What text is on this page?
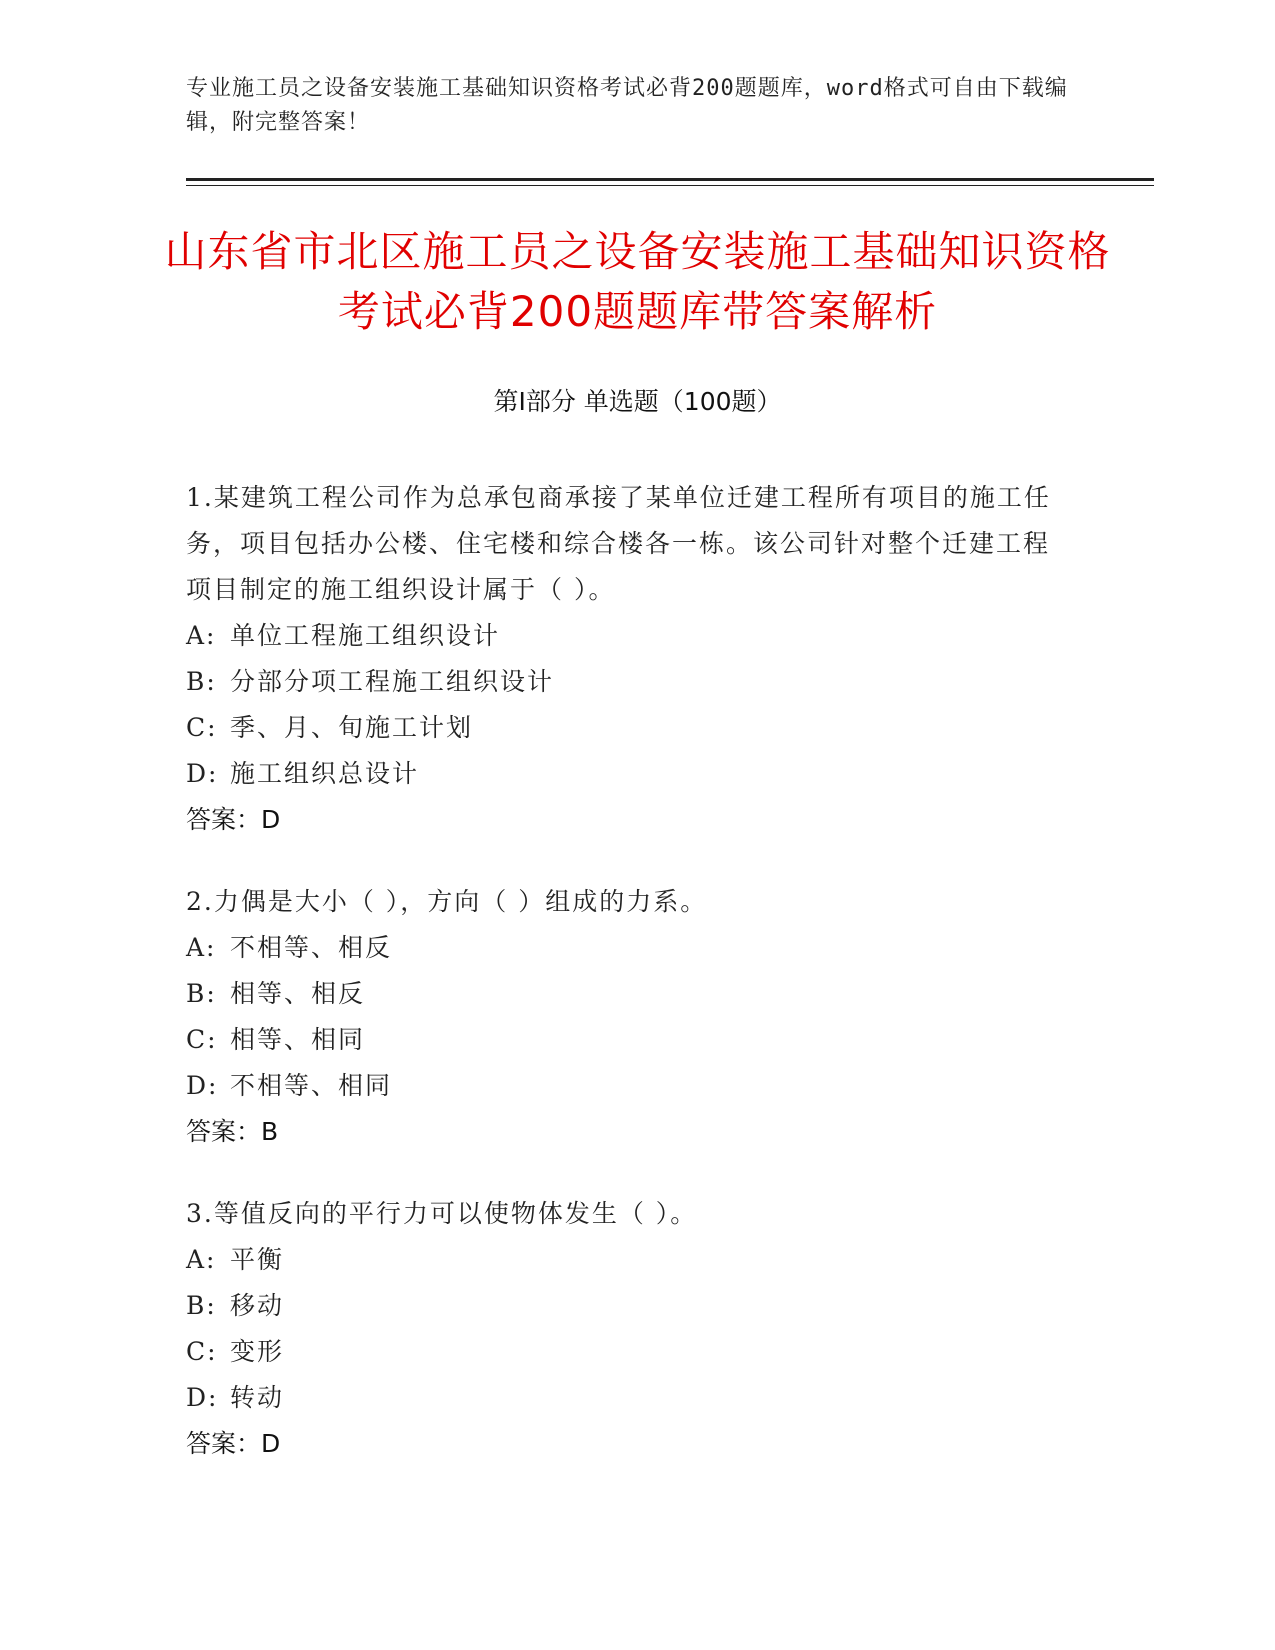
专业施工员之设备安装施工基础知识资格考试必背200题题库，word格式可自由下载编辑，附完整答案！
山东省市北区施工员之设备安装施工基础知识资格考试必背200题题库带答案解析
第Ⅰ部分 单选题（100题）

1.某建筑工程公司作为总承包商承接了某单位迁建工程所有项目的施工任务，项目包括办公楼、住宅楼和综合楼各一栋。该公司针对整个迁建工程项目制定的施工组织设计属于（ ）。

A: 单位工程施工组织设计
B: 分部分项工程施工组织设计
C: 季、月、旬施工计划
D: 施工组织总设计
答案：D

2.力偶是大小（ ），方向（ ）组成的力系。

A: 不相等、相反
B: 相等、相反
C: 相等、相同
D: 不相等、相同
答案：B

3.等值反向的平行力可以使物体发生（ ）。

A: 平衡
B: 移动
C: 变形
D: 转动
答案：D
